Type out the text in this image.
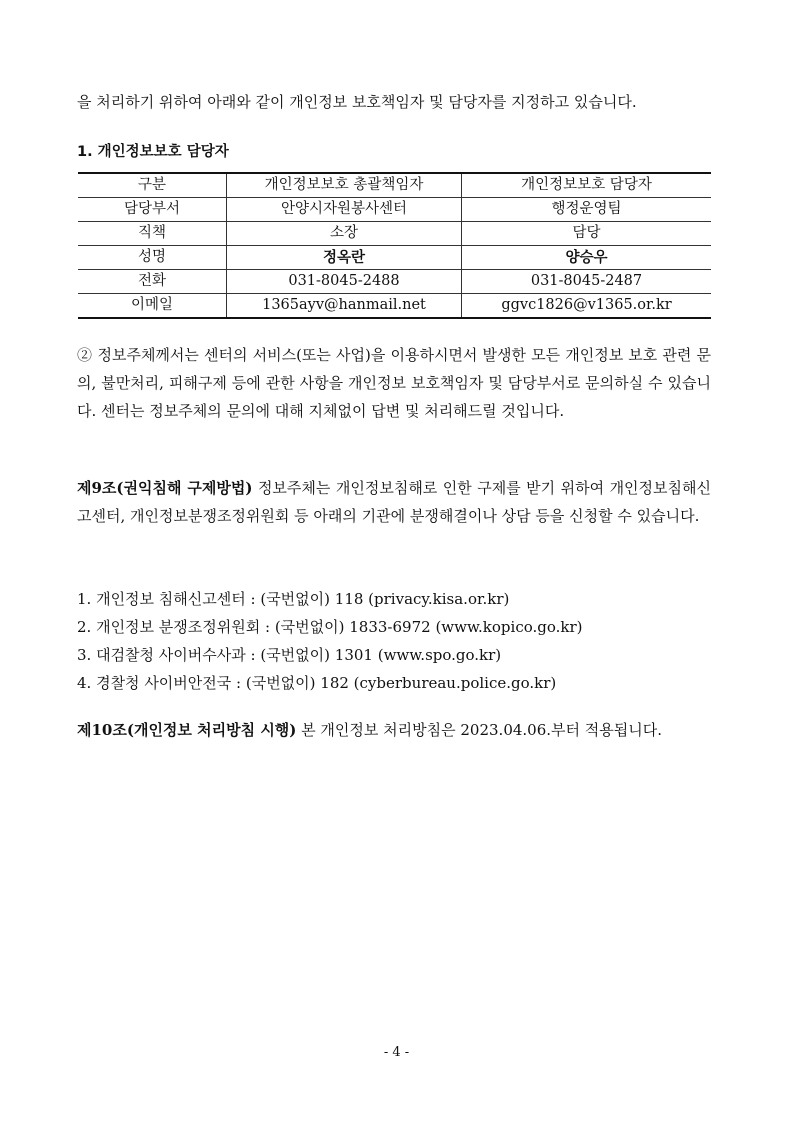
을 처리하기 위하여 아래와 같이 개인정보 보호책임자 및 담당자를 지정하고 있습니다.

1. 개인정보보호 담당자

구분	개인정보보호 총괄책임자	개인정보보호 담당자
담당부서	안양시자원봉사센터	행정운영팀
직책	소장	담당
성명	정옥란	양승우
전화	031-8045-2488	031-8045-2487
이메일	1365ayv@hanmail.net	ggvc1826@v1365.or.kr

② 정보주체께서는 센터의 서비스(또는 사업)을 이용하시면서 발생한 모든 개인정보 보호 관련 문의, 불만처리, 피해구제 등에 관한 사항을 개인정보 보호책임자 및 담당부서로 문의하실 수 있습니다. 센터는 정보주체의 문의에 대해 지체없이 답변 및 처리해드릴 것입니다.

제9조(권익침해 구제방법) 정보주체는 개인정보침해로 인한 구제를 받기 위하여 개인정보침해신고센터, 개인정보분쟁조정위원회 등 아래의 기관에 분쟁해결이나 상담 등을 신청할 수 있습니다.

1. 개인정보 침해신고센터 : (국번없이) 118 (privacy.kisa.or.kr)
2. 개인정보 분쟁조정위원회 : (국번없이) 1833-6972 (www.kopico.go.kr)
3. 대검찰청 사이버수사과 : (국번없이) 1301 (www.spo.go.kr)
4. 경찰청 사이버안전국 : (국번없이) 182 (cyberbureau.police.go.kr)

제10조(개인정보 처리방침 시행) 본 개인정보 처리방침은 2023.04.06.부터 적용됩니다.

- 4 -
